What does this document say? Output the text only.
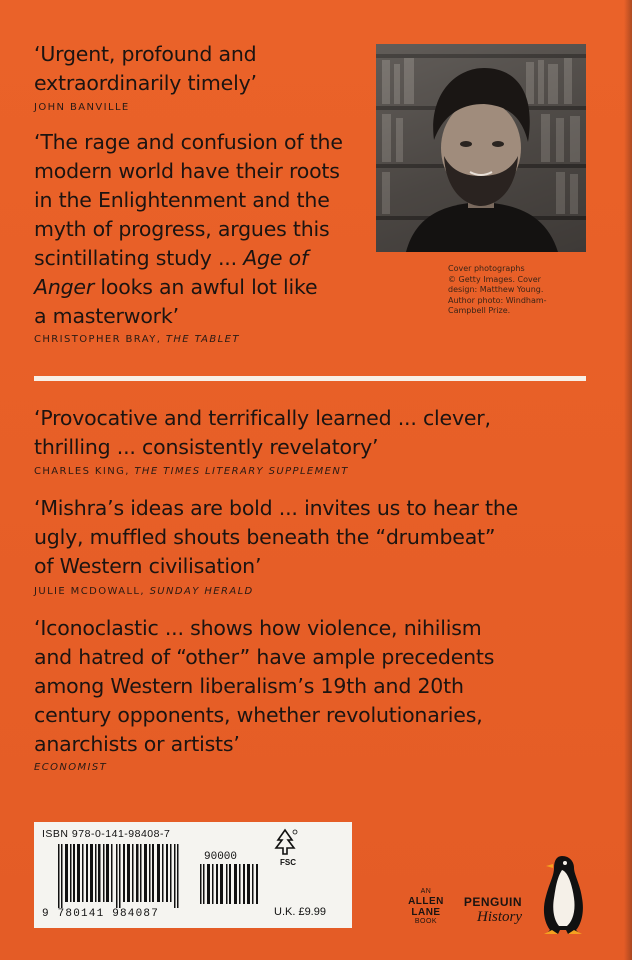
‘Urgent, profound and
extraordinarily timely’

JOHN BANVILLE

‘The rage and confusion of the
modern world have their roots
in the Enlightenment and the
myth of progress, argues this
scintillating study ... Age of
Anger looks an awful lot like
a masterwork’

CHRISTOPHER BRAY, THE TABLET

Cover photographs
© Getty Images. Cover
design: Matthew Young.
Author photo: Windham-
Campbell Prize.

‘Provocative and terrifically learned ... clever,
thrilling ... consistently revelatory’

CHARLES KING, THE TIMES LITERARY SUPPLEMENT

‘Mishra’s ideas are bold ... invites us to hear the
ugly, muffled shouts beneath the “drumbeat”
of Western civilisation’

JULIE MCDOWALL, SUNDAY HERALD

‘Iconoclastic ... shows how violence, nihilism
and hatred of “other” have ample precedents
among Western liberalism’s 19th and 20th
century opponents, whether revolutionaries,
anarchists or artists’

ECONOMIST

ISBN 978-0-141-98408-7
90000	FSC
9 780141 984087	U.K. £9.99
AN
ALLEN
LANE
BOOK
PENGUIN
History
